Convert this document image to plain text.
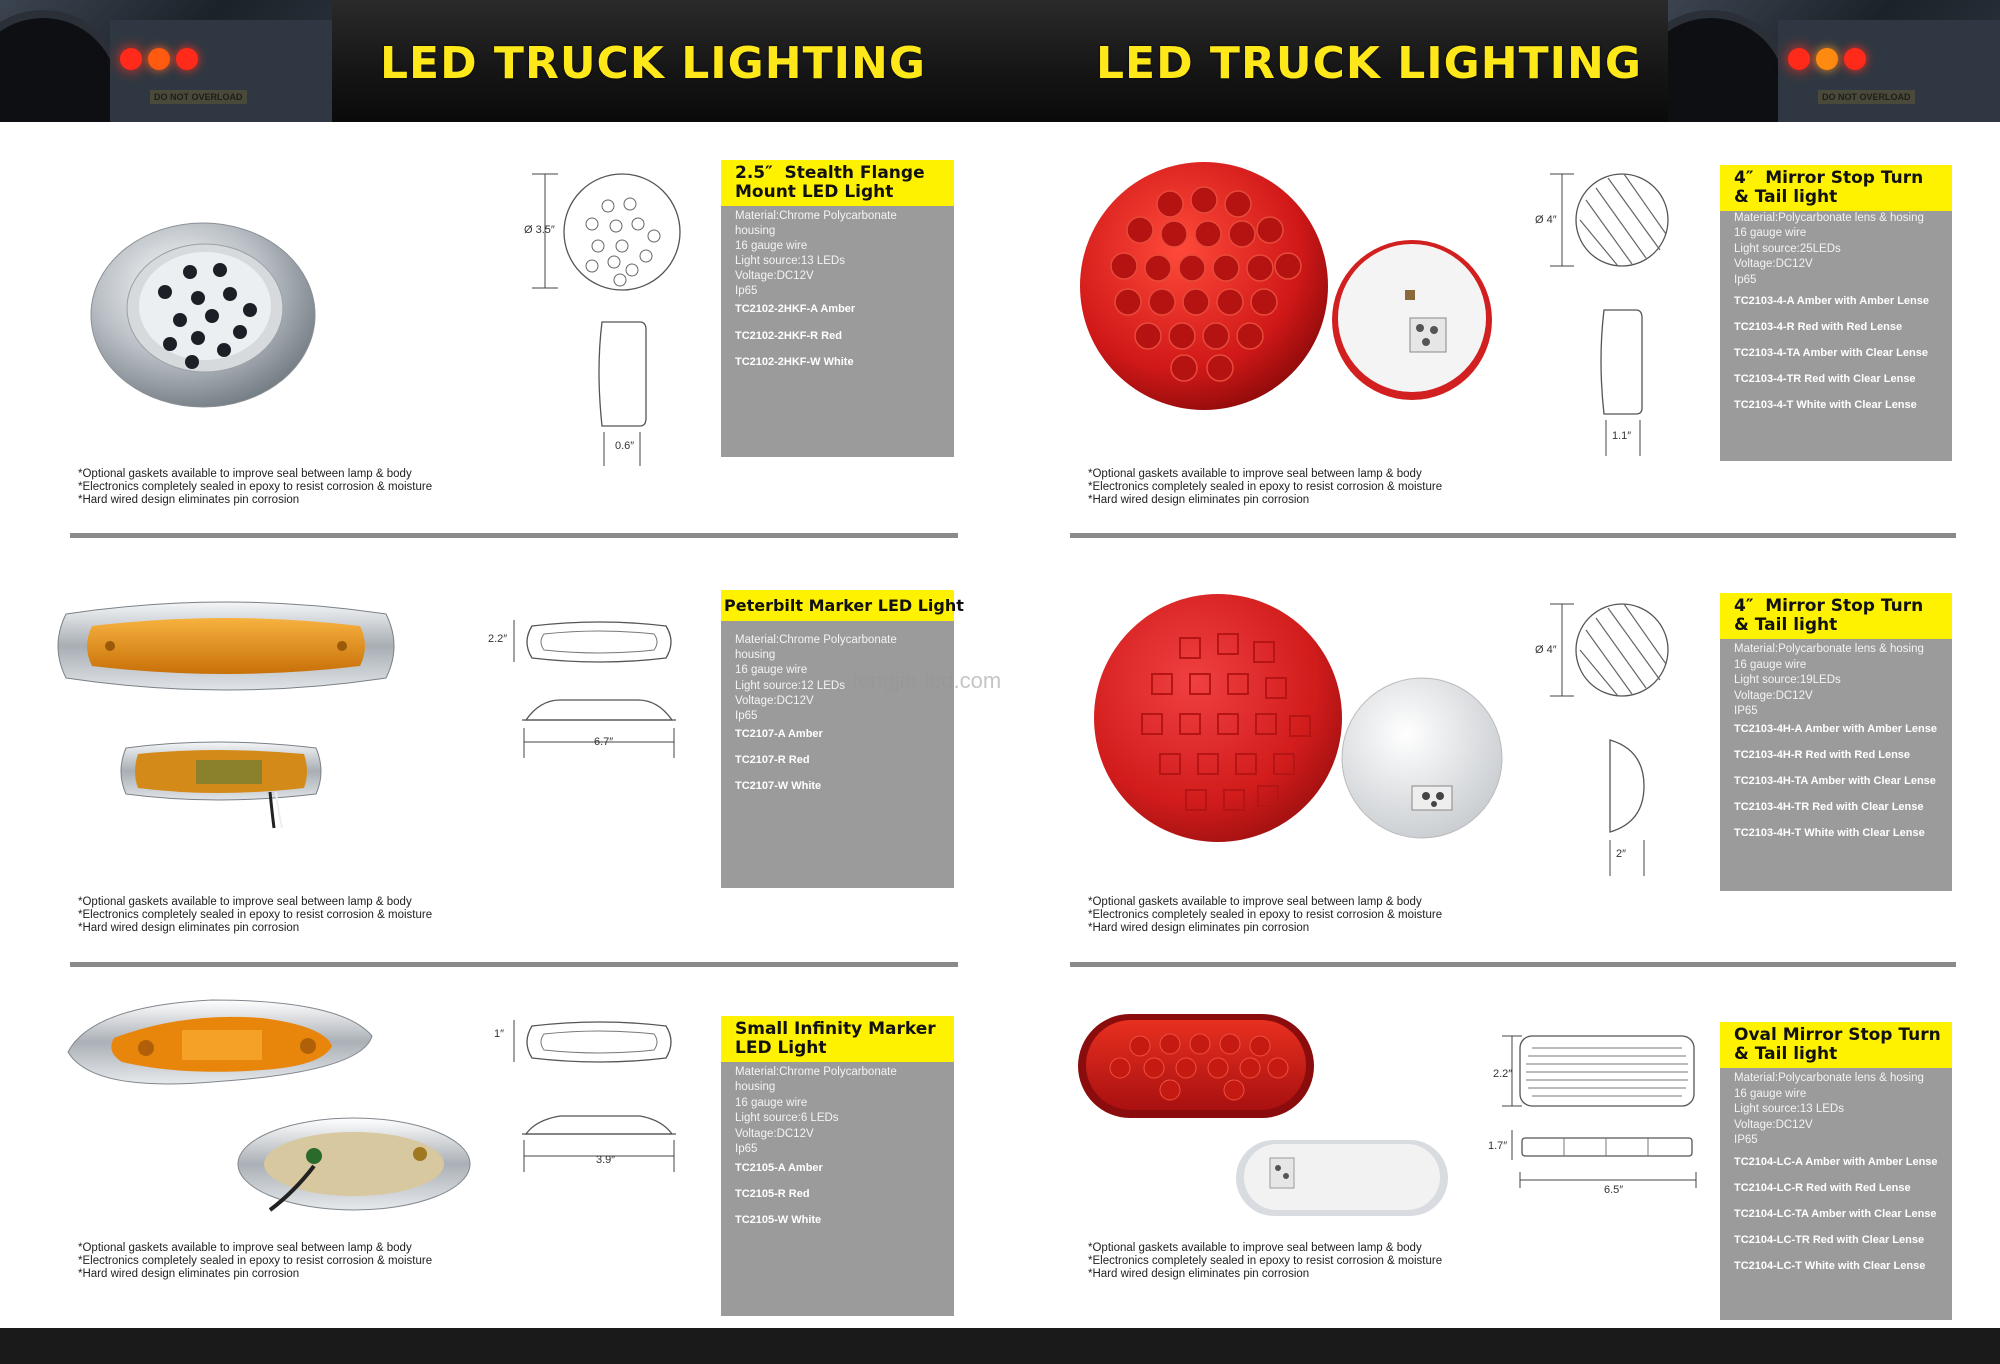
DO NOT OVERLOAD
LED TRUCK LIGHTING	LED TRUCK LIGHTING
DO NOT OVERLOAD
Ø 3.5″
0.6″
2.5″  Stealth Flange
Mount LED Light
Material:Chrome Polycarbonate
housing
16 gauge wire
Light source:13 LEDs
Voltage:DC12V
Ip65
TC2102-2HKF-A Amber
TC2102-2HKF-R Red
TC2102-2HKF-W White
*Optional gaskets available to improve seal between lamp & body
*Electronics completely sealed in epoxy to resist corrosion & moisture
*Hard wired design eliminates pin corrosion
Ø 4″
1.1″
4″  Mirror Stop Turn
& Tail light
Material:Polycarbonate lens & hosing
16 gauge wire
Light source:25LEDs
Voltage:DC12V
Ip65
TC2103-4-A Amber with Amber Lense
TC2103-4-R Red with Red Lense
TC2103-4-TA Amber with Clear Lense
TC2103-4-TR Red with Clear Lense
TC2103-4-T White with Clear Lense
*Optional gaskets available to improve seal between lamp & body
*Electronics completely sealed in epoxy to resist corrosion & moisture
*Hard wired design eliminates pin corrosion
2.2″
6.7″
Peterbilt Marker LED Light
Material:Chrome Polycarbonate
housing
16 gauge wire
Light source:12 LEDs
Voltage:DC12V
Ip65
TC2107-A Amber
TC2107-R Red
TC2107-W White
*Optional gaskets available to improve seal between lamp & body
*Electronics completely sealed in epoxy to resist corrosion & moisture
*Hard wired design eliminates pin corrosion
Ø 4″
2″
4″  Mirror Stop Turn
& Tail light
Material:Polycarbonate lens & hosing
16 gauge wire
Light source:19LEDs
Voltage:DC12V
IP65
TC2103-4H-A Amber with Amber Lense
TC2103-4H-R Red with Red Lense
TC2103-4H-TA Amber with Clear Lense
TC2103-4H-TR Red with Clear Lense
TC2103-4H-T White with Clear Lense
*Optional gaskets available to improve seal between lamp & body
*Electronics completely sealed in epoxy to resist corrosion & moisture
*Hard wired design eliminates pin corrosion
1″
3.9″
Small Infinity Marker
LED Light
Material:Chrome Polycarbonate
housing
16 gauge wire
Light source:6 LEDs
Voltage:DC12V
Ip65
TC2105-A Amber
TC2105-R Red
TC2105-W White
*Optional gaskets available to improve seal between lamp & body
*Electronics completely sealed in epoxy to resist corrosion & moisture
*Hard wired design eliminates pin corrosion
2.2″
1.7″
6.5″
Oval Mirror Stop Turn
& Tail light
Material:Polycarbonate lens & hosing
16 gauge wire
Light source:13 LEDs
Voltage:DC12V
IP65
TC2104-LC-A Amber with Amber Lense
TC2104-LC-R Red with Red Lense
TC2104-LC-TA Amber with Clear Lense
TC2104-LC-TR Red with Clear Lense
TC2104-LC-T White with Clear Lense
*Optional gaskets available to improve seal between lamp & body
*Electronics completely sealed in epoxy to resist corrosion & moisture
*Hard wired design eliminates pin corrosion
tengjie-led.com
